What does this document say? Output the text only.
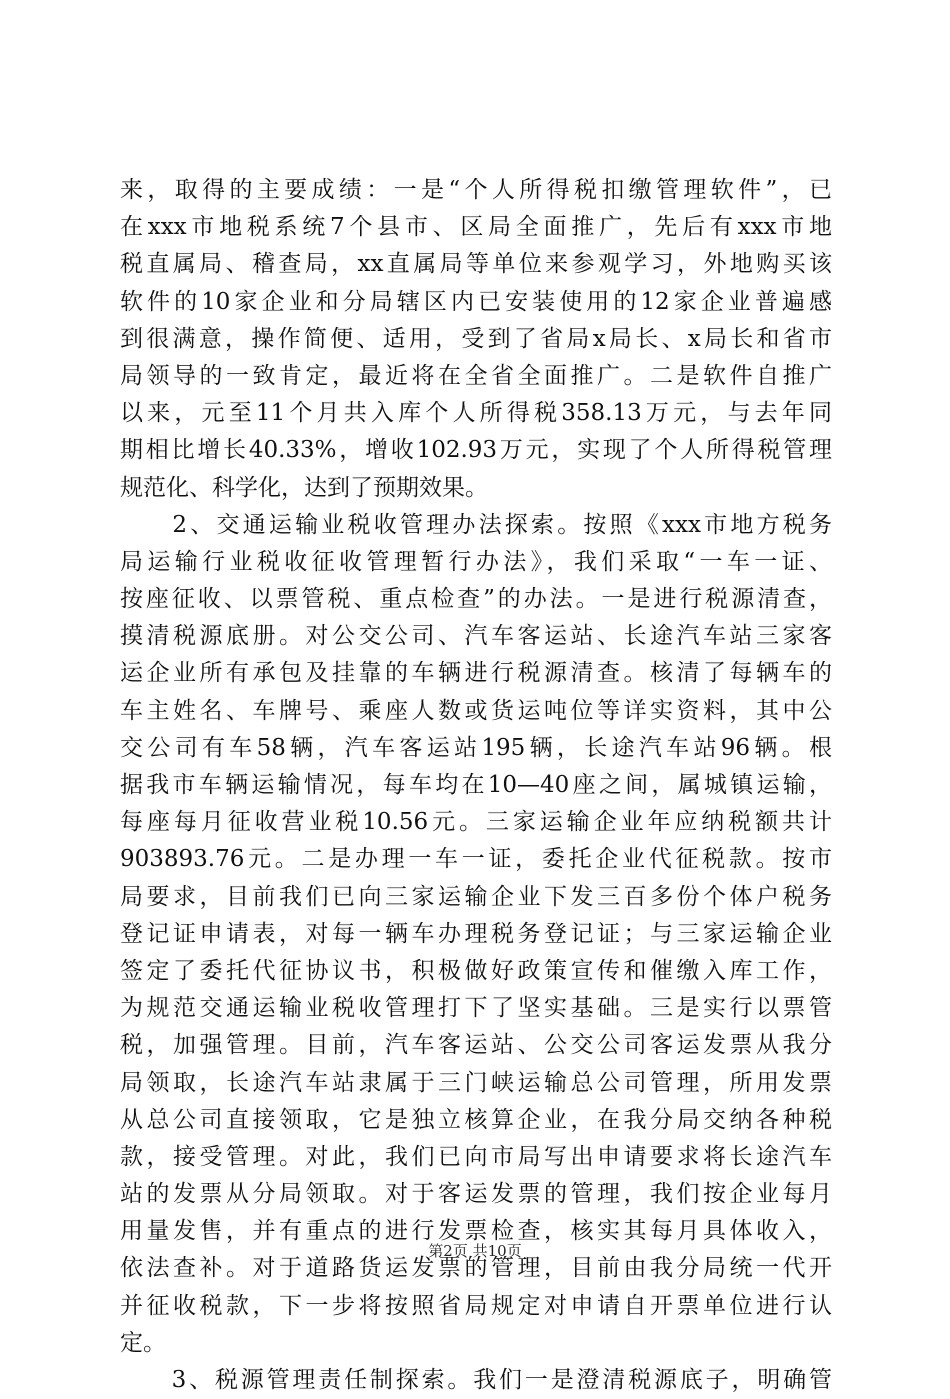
来，取得的主要成绩：一是“个人所得税扣缴管理软件”，已
在xxx市地税系统7个县市、区局全面推广，先后有xxx市地
税直属局、稽查局，xx直属局等单位来参观学习，外地购买该
软件的10家企业和分局辖区内已安装使用的12家企业普遍感
到很满意，操作简便、适用，受到了省局x局长、x局长和省市
局领导的一致肯定，最近将在全省全面推广。二是软件自推广
以来，元至11个月共入库个人所得税358.13万元，与去年同
期相比增长40.33%，增收102.93万元，实现了个人所得税管理
规范化、科学化，达到了预期效果。
　　2、交通运输业税收管理办法探索。按照《xxx市地方税务
局运输行业税收征收管理暂行办法》，我们采取“一车一证、
按座征收、以票管税、重点检查”的办法。一是进行税源清查，
摸清税源底册。对公交公司、汽车客运站、长途汽车站三家客
运企业所有承包及挂靠的车辆进行税源清查。核清了每辆车的
车主姓名、车牌号、乘座人数或货运吨位等详实资料，其中公
交公司有车58辆，汽车客运站195辆，长途汽车站96辆。根
据我市车辆运输情况，每车均在10—40座之间，属城镇运输，
每座每月征收营业税10.56元。三家运输企业年应纳税额共计
903893.76元。二是办理一车一证，委托企业代征税款。按市
局要求，目前我们已向三家运输企业下发三百多份个体户税务
登记证申请表，对每一辆车办理税务登记证；与三家运输企业
签定了委托代征协议书，积极做好政策宣传和催缴入库工作，
为规范交通运输业税收管理打下了坚实基础。三是实行以票管
税，加强管理。目前，汽车客运站、公交公司客运发票从我分
局领取，长途汽车站隶属于三门峡运输总公司管理，所用发票
从总公司直接领取，它是独立核算企业，在我分局交纳各种税
款，接受管理。对此，我们已向市局写出申请要求将长途汽车
站的发票从分局领取。对于客运发票的管理，我们按企业每月
用量发售，并有重点的进行发票检查，核实其每月具体收入，
依法查补。对于道路货运发票的管理，目前由我分局统一代开
并征收税款，下一步将按照省局规定对申请自开票单位进行认
定。
　　3、税源管理责任制探索。我们一是澄清税源底子，明确管
第2页 共10页
